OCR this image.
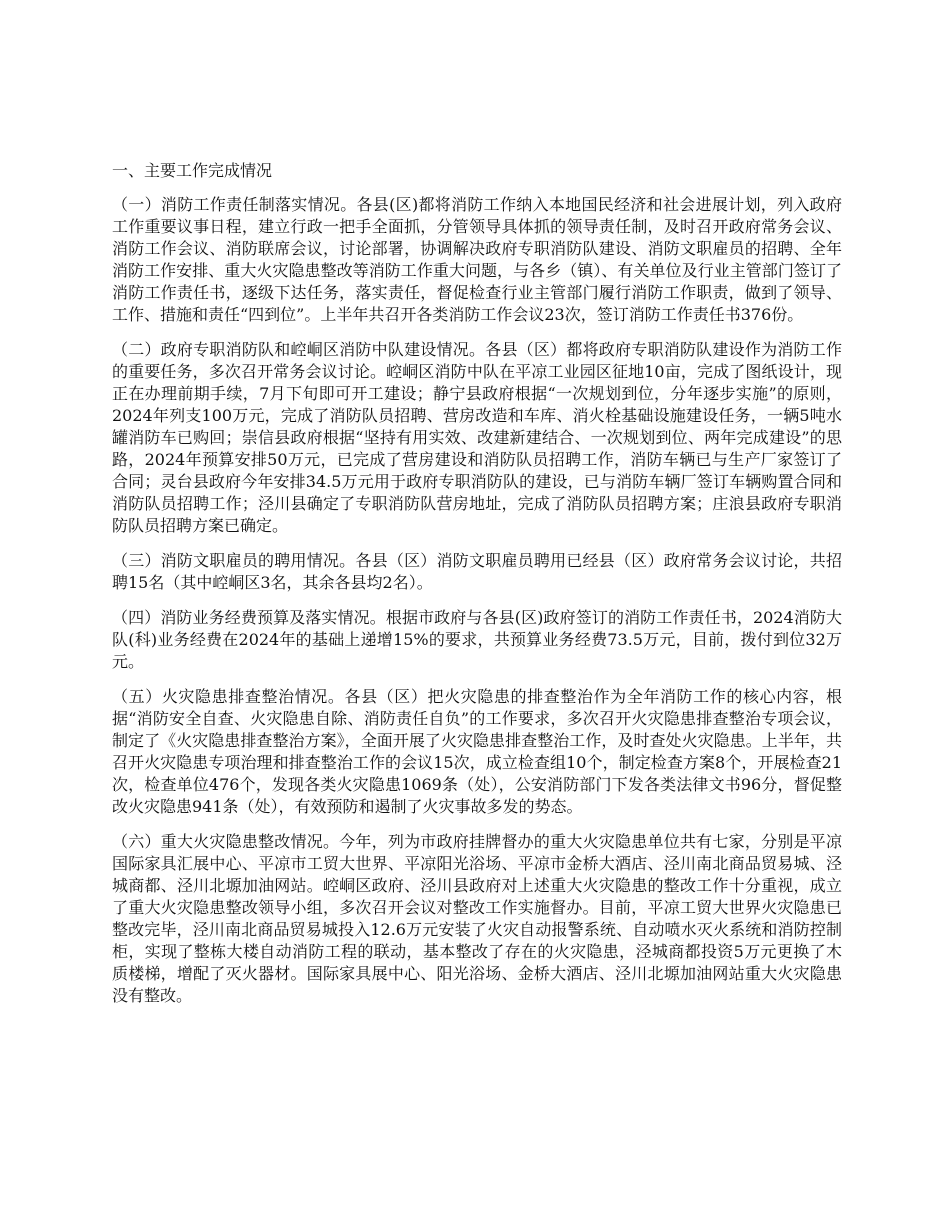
一、主要工作完成情况

（一）消防工作责任制落实情况。各县(区)都将消防工作纳入本地国民经济和社会进展计划，列入政府工作重要议事日程，建立行政一把手全面抓，分管领导具体抓的领导责任制，及时召开政府常务会议、消防工作会议、消防联席会议，讨论部署，协调解决政府专职消防队建设、消防文职雇员的招聘、全年消防工作安排、重大火灾隐患整改等消防工作重大问题，与各乡（镇）、有关单位及行业主管部门签订了消防工作责任书，逐级下达任务，落实责任，督促检查行业主管部门履行消防工作职责，做到了领导、工作、措施和责任“四到位”。上半年共召开各类消防工作会议23次，签订消防工作责任书376份。

（二）政府专职消防队和崆峒区消防中队建设情况。各县（区）都将政府专职消防队建设作为消防工作的重要任务，多次召开常务会议讨论。崆峒区消防中队在平凉工业园区征地10亩，完成了图纸设计，现正在办理前期手续，7月下旬即可开工建设；静宁县政府根据“一次规划到位，分年逐步实施”的原则，2024年列支100万元，完成了消防队员招聘、营房改造和车库、消火栓基础设施建设任务，一辆5吨水罐消防车已购回；崇信县政府根据“坚持有用实效、改建新建结合、一次规划到位、两年完成建设”的思路，2024年预算安排50万元，已完成了营房建设和消防队员招聘工作，消防车辆已与生产厂家签订了合同；灵台县政府今年安排34.5万元用于政府专职消防队的建设，已与消防车辆厂签订车辆购置合同和消防队员招聘工作；泾川县确定了专职消防队营房地址，完成了消防队员招聘方案；庄浪县政府专职消防队员招聘方案已确定。

（三）消防文职雇员的聘用情况。各县（区）消防文职雇员聘用已经县（区）政府常务会议讨论，共招聘15名（其中崆峒区3名，其余各县均2名）。

（四）消防业务经费预算及落实情况。根据市政府与各县(区)政府签订的消防工作责任书，2024消防大队(科)业务经费在2024年的基础上递增15%的要求，共预算业务经费73.5万元，目前，拨付到位32万元。

（五）火灾隐患排查整治情况。各县（区）把火灾隐患的排查整治作为全年消防工作的核心内容，根据“消防安全自查、火灾隐患自除、消防责任自负”的工作要求，多次召开火灾隐患排查整治专项会议，制定了《火灾隐患排查整治方案》，全面开展了火灾隐患排查整治工作，及时查处火灾隐患。上半年，共召开火灾隐患专项治理和排查整治工作的会议15次，成立检查组10个，制定检查方案8个，开展检查21次，检查单位476个，发现各类火灾隐患1069条（处），公安消防部门下发各类法律文书96分，督促整改火灾隐患941条（处），有效预防和遏制了火灾事故多发的势态。

（六）重大火灾隐患整改情况。今年，列为市政府挂牌督办的重大火灾隐患单位共有七家，分别是平凉国际家具汇展中心、平凉市工贸大世界、平凉阳光浴场、平凉市金桥大酒店、泾川南北商品贸易城、泾城商都、泾川北塬加油网站。崆峒区政府、泾川县政府对上述重大火灾隐患的整改工作十分重视，成立了重大火灾隐患整改领导小组，多次召开会议对整改工作实施督办。目前，平凉工贸大世界火灾隐患已整改完毕，泾川南北商品贸易城投入12.6万元安装了火灾自动报警系统、自动喷水灭火系统和消防控制柜，实现了整栋大楼自动消防工程的联动，基本整改了存在的火灾隐患，泾城商都投资5万元更换了木质楼梯，增配了灭火器材。国际家具展中心、阳光浴场、金桥大酒店、泾川北塬加油网站重大火灾隐患没有整改。
